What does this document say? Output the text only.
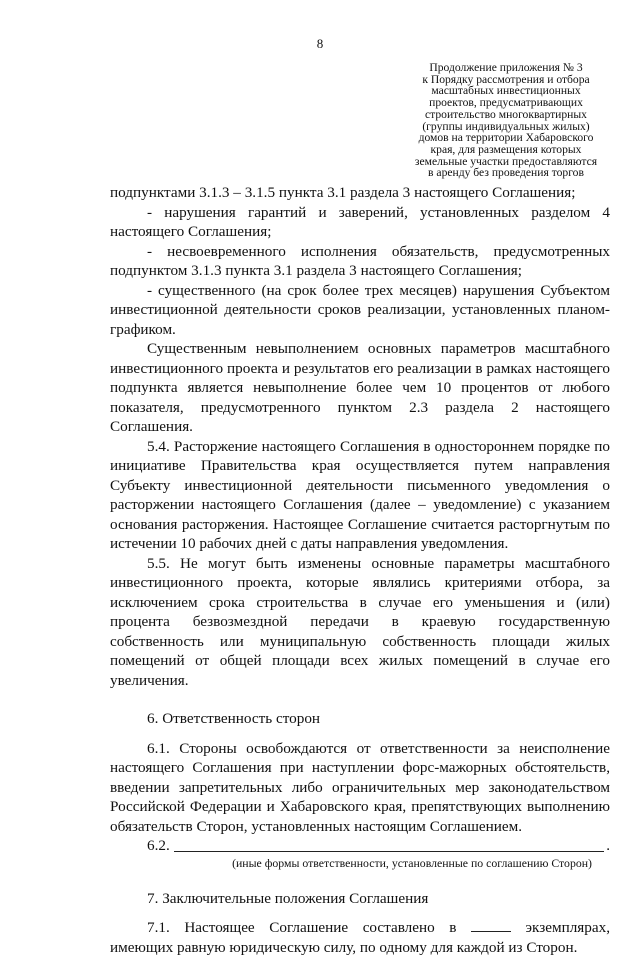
8
Продолжение приложения № 3
к Порядку рассмотрения и отбора
масштабных инвестиционных
проектов, предусматривающих
строительство многоквартирных
(группы индивидуальных жилых)
домов на территории Хабаровского
края, для размещения которых
земельные участки предоставляются
в аренду без проведения торгов

подпунктами 3.1.3 – 3.1.5 пункта 3.1 раздела 3 настоящего Соглашения;

- нарушения гарантий и заверений, установленных разделом 4 настоящего Соглашения;

- несвоевременного исполнения обязательств, предусмотренных подпунктом 3.1.3 пункта 3.1 раздела 3 настоящего Соглашения;

- существенного (на срок более трех месяцев) нарушения Субъектом инвестиционной деятельности сроков реализации, установленных планом-графиком.

Существенным невыполнением основных параметров масштабного инвестиционного проекта и результатов его реализации в рамках настоящего подпункта является невыполнение более чем 10 процентов от любого показателя, предусмотренного пунктом 2.3 раздела 2 настоящего Соглашения.

5.4. Расторжение настоящего Соглашения в одностороннем порядке по инициативе Правительства края осуществляется путем направления Субъекту инвестиционной деятельности письменного уведомления о расторжении настоящего Соглашения (далее – уведомление) с указанием основания расторжения. Настоящее Соглашение считается расторгнутым по истечении 10 рабочих дней с даты направления уведомления.

5.5. Не могут быть изменены основные параметры масштабного инвестиционного проекта, которые являлись критериями отбора, за исключением срока строительства в случае его уменьшения и (или) процента безвозмездной передачи в краевую государственную собственность или муниципальную собственность площади жилых помещений от общей площади всех жилых помещений в случае его увеличения.

6. Ответственность сторон

6.1. Стороны освобождаются от ответственности за неисполнение настоящего Соглашения при наступлении форс-мажорных обстоятельств, введении запретительных либо ограничительных мер законодательством Российской Федерации и Хабаровского края, препятствующих выполнению обязательств Сторон, установленных настоящим Соглашением.

6.2.	.

(иные формы ответственности, установленные по соглашению Сторон)

7. Заключительные положения Соглашения

7.1. Настоящее Соглашение составлено в	экземплярах, имеющих равную юридическую силу, по одному для каждой из Сторон.
